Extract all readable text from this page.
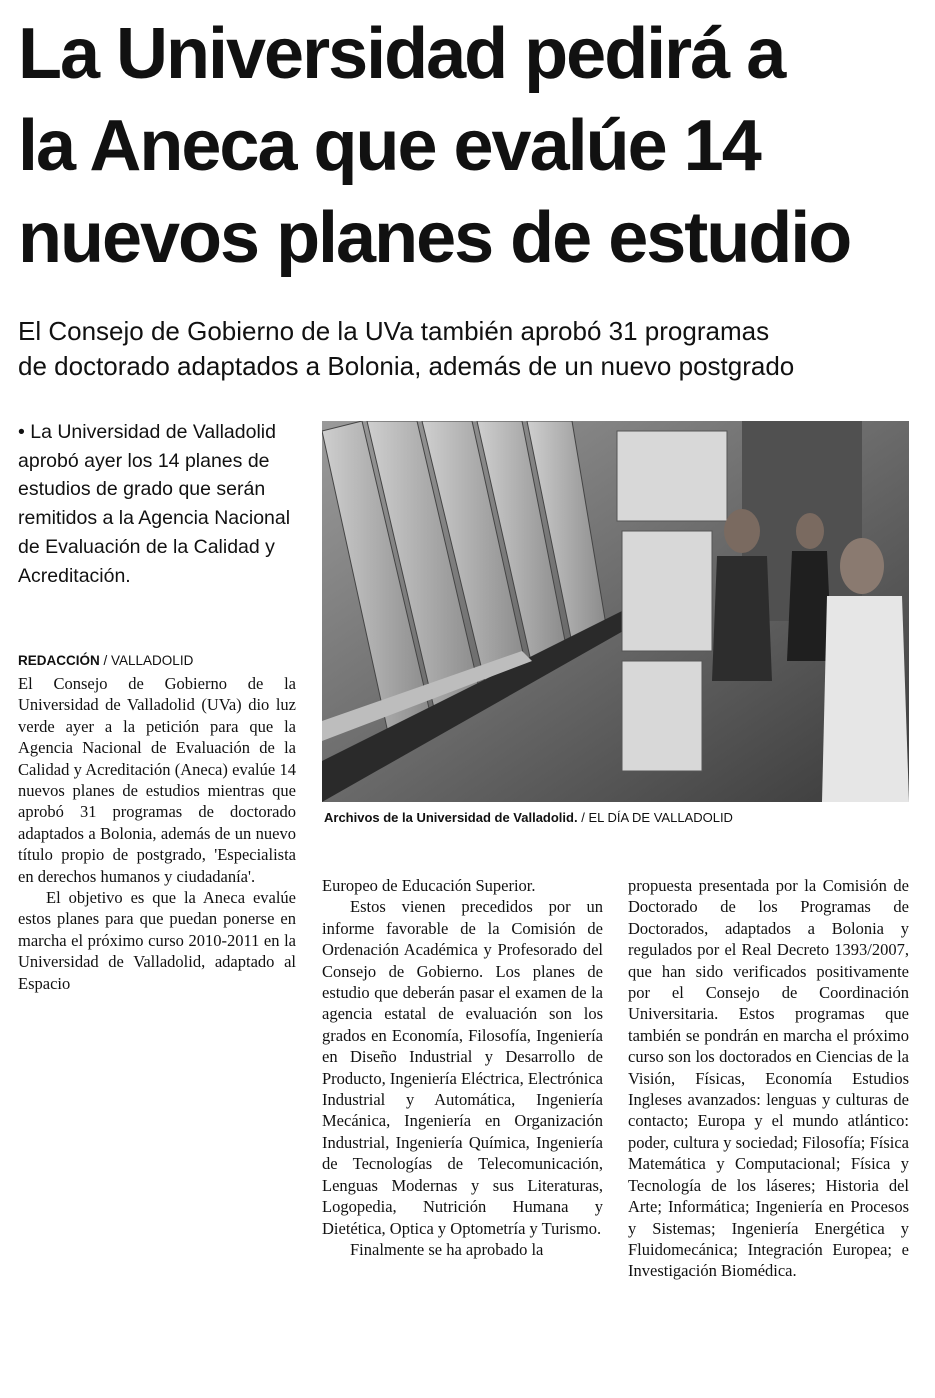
La Universidad pedirá a
la Aneca que evalúe 14
nuevos planes de estudio
El Consejo de Gobierno de la UVa también aprobó 31 programas
de doctorado adaptados a Bolonia, además de un nuevo postgrado
• La Universidad de Valladolid aprobó ayer los 14 planes de estudios de grado que serán remitidos a la Agencia Nacional de Evaluación de la Calidad y Acreditación.
REDACCIÓN / VALLADOLID

El Consejo de Gobierno de la Universidad de Valladolid (UVa) dio luz verde ayer a la petición para que la Agencia Nacional de Evaluación de la Calidad y Acreditación (Aneca) evalúe 14 nuevos planes de estudios mientras que aprobó 31 programas de doctorado adaptados a Bolonia, además de un nuevo título propio de postgrado, 'Especialista en derechos humanos y ciudadanía'.

El objetivo es que la Aneca evalúe estos planes para que puedan ponerse en marcha el próximo curso 2010-2011 en la Universidad de Valladolid, adaptado al Espacio

Archivos de la Universidad de Valladolid. / EL DÍA DE VALLADOLID

Europeo de Educación Superior.

Estos vienen precedidos por un informe favorable de la Comisión de Ordenación Académica y Profesorado del Consejo de Gobierno. Los planes de estudio que deberán pasar el examen de la agencia estatal de evaluación son los grados en Economía, Filosofía, Ingeniería en Diseño Industrial y Desarrollo de Producto, Ingeniería Eléctrica, Electrónica Industrial y Automática, Ingeniería Mecánica, Ingeniería en Organización Industrial, Ingeniería Química, Ingeniería de Tecnologías de Telecomunicación, Lenguas Modernas y sus Literaturas, Logopedia, Nutrición Humana y Dietética, Optica y Optometría y Turismo.

Finalmente se ha aprobado la

propuesta presentada por la Comisión de Doctorado de los Programas de Doctorados, adaptados a Bolonia y regulados por el Real Decreto 1393/2007, que han sido verificados positivamente por el Consejo de Coordinación Universitaria. Estos programas que también se pondrán en marcha el próximo curso son los doctorados en Ciencias de la Visión, Físicas, Economía Estudios Ingleses avanzados: lenguas y culturas de contacto; Europa y el mundo atlántico: poder, cultura y sociedad; Filosofía; Física Matemática y Computacional; Física y Tecnología de los láseres; Historia del Arte; Informática; Ingeniería en Procesos y Sistemas; Ingeniería Energética y Fluidomecánica; Integración Europea; e Investigación Biomédica.
